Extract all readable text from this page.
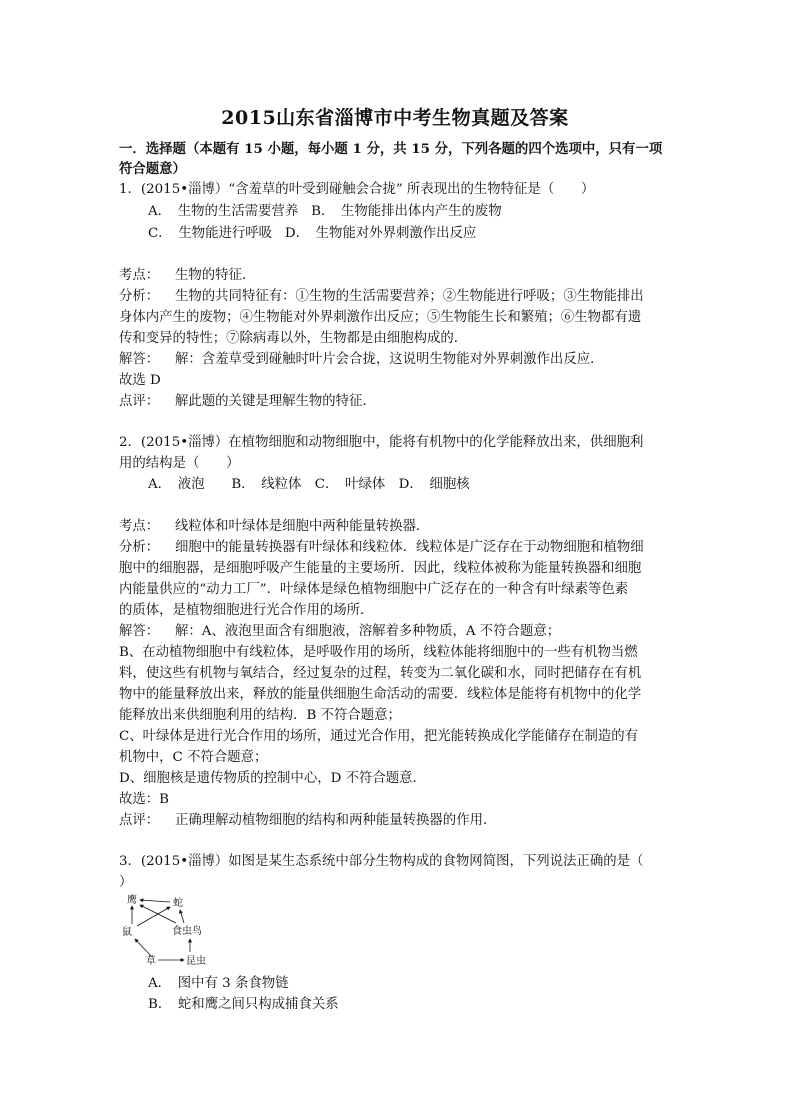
2015山东省淄博市中考生物真题及答案
一．选择题（本题有 15 小题，每小题 1 分，共 15 分，下列各题的四个选项中，只有一项
符合题意）
1．(2015•淄博）“含羞草的叶受到碰触会合拢” 所表现出的生物特征是（　　）
A．　生物的生活需要营养 B．　生物能排出体内产生的废物
C．　生物能进行呼吸 D．　生物能对外界刺激作出反应
考点： 生物的特征．
分析： 生物的共同特征有：①生物的生活需要营养；②生物能进行呼吸；③生物能排出
身体内产生的废物；④生物能对外界刺激作出反应；⑤生物能生长和繁殖；⑥生物都有遗
传和变异的特性；⑦除病毒以外，生物都是由细胞构成的．
解答： 解：含羞草受到碰触时叶片会合拢，这说明生物能对外界刺激作出反应．
故选 D
点评： 解此题的关键是理解生物的特征．
2．(2015•淄博）在植物细胞和动物细胞中，能将有机物中的化学能释放出来，供细胞利
用的结构是（　　）
A．　液泡　　B．　线粒体　C．　叶绿体　D．　细胞核
考点： 线粒体和叶绿体是细胞中两种能量转换器．
分析： 细胞中的能量转换器有叶绿体和线粒体．线粒体是广泛存在于动物细胞和植物细
胞中的细胞器，是细胞呼吸产生能量的主要场所．因此，线粒体被称为能量转换器和细胞
内能量供应的“动力工厂”．叶绿体是绿色植物细胞中广泛存在的一种含有叶绿素等色素
的质体，是植物细胞进行光合作用的场所．
解答： 解：A、液泡里面含有细胞液，溶解着多种物质，A 不符合题意；
B、在动植物细胞中有线粒体，是呼吸作用的场所，线粒体能将细胞中的一些有机物当燃
料，使这些有机物与氧结合，经过复杂的过程，转变为二氧化碳和水，同时把储存在有机
物中的能量释放出来，释放的能量供细胞生命活动的需要．线粒体是能将有机物中的化学
能释放出来供细胞利用的结构．B 不符合题意；
C、叶绿体是进行光合作用的场所，通过光合作用，把光能转换成化学能储存在制造的有
机物中，C 不符合题意；
D、细胞核是遗传物质的控制中心，D 不符合题意．
故选：B
点评： 正确理解动植物细胞的结构和两种能量转换器的作用．
3．(2015•淄博）如图是某生态系统中部分生物构成的食物网简图，下列说法正确的是（
）
鹰	蛇
鼠	食虫鸟
草	昆虫
A．　图中有 3 条食物链
B．　蛇和鹰之间只构成捕食关系
